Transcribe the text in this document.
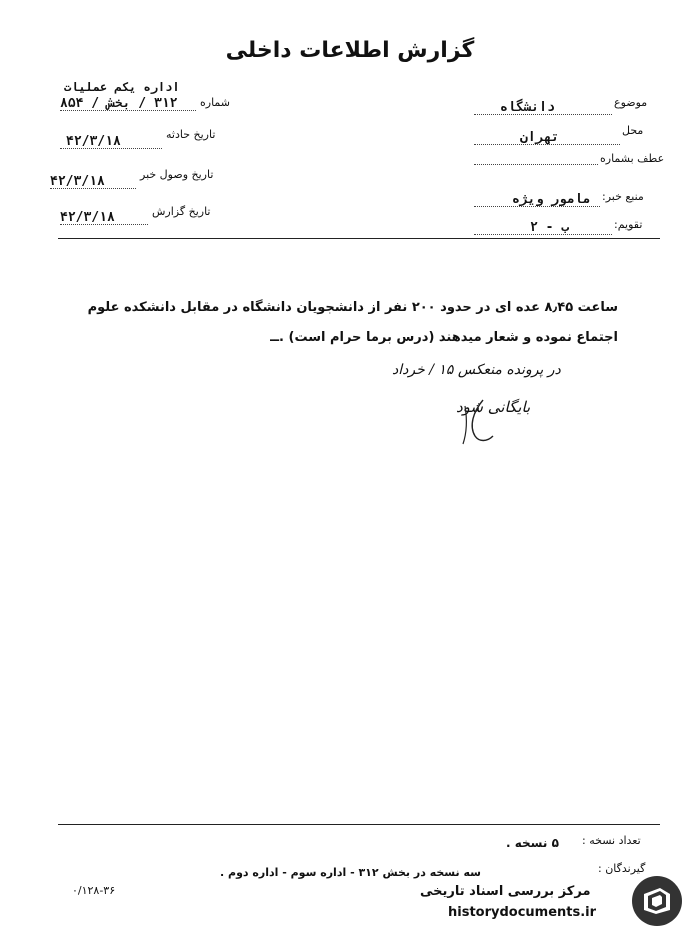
گزارش اطلاعات داخلی
اداره یکم عملیات
شماره
۳۱۲ / بخش / ۸۵۴
تاریخ حادثه
۴۲/۳/۱۸
تاریخ وصول خبر
۴۲/۳/۱۸
تاریخ گزارش
۴۲/۳/۱۸
موضوع
دانشگاه
محل
تهران
عطف بشماره
منبع خبر:
مامور ویژه
تقویم:
ب - ۲
ساعت ۸٫۴۵ عده ای در حدود ۲۰۰ نفر از دانشجویان دانشگاه در مقابل دانشکده علوم
اجتماع نموده و شعار میدهند (درس برما حرام است) .ــ
در پرونده منعکس ۱۵ / خرداد
بایگانی شود
تعداد نسخه :
۵ نسخه .
گیرندگان :
سه نسخه در بخش ۳۱۲ - اداره سوم - اداره دوم .
۰/۱۲۸-۳۶	مرکز بررسی اسناد تاریخی
historydocuments.ir
